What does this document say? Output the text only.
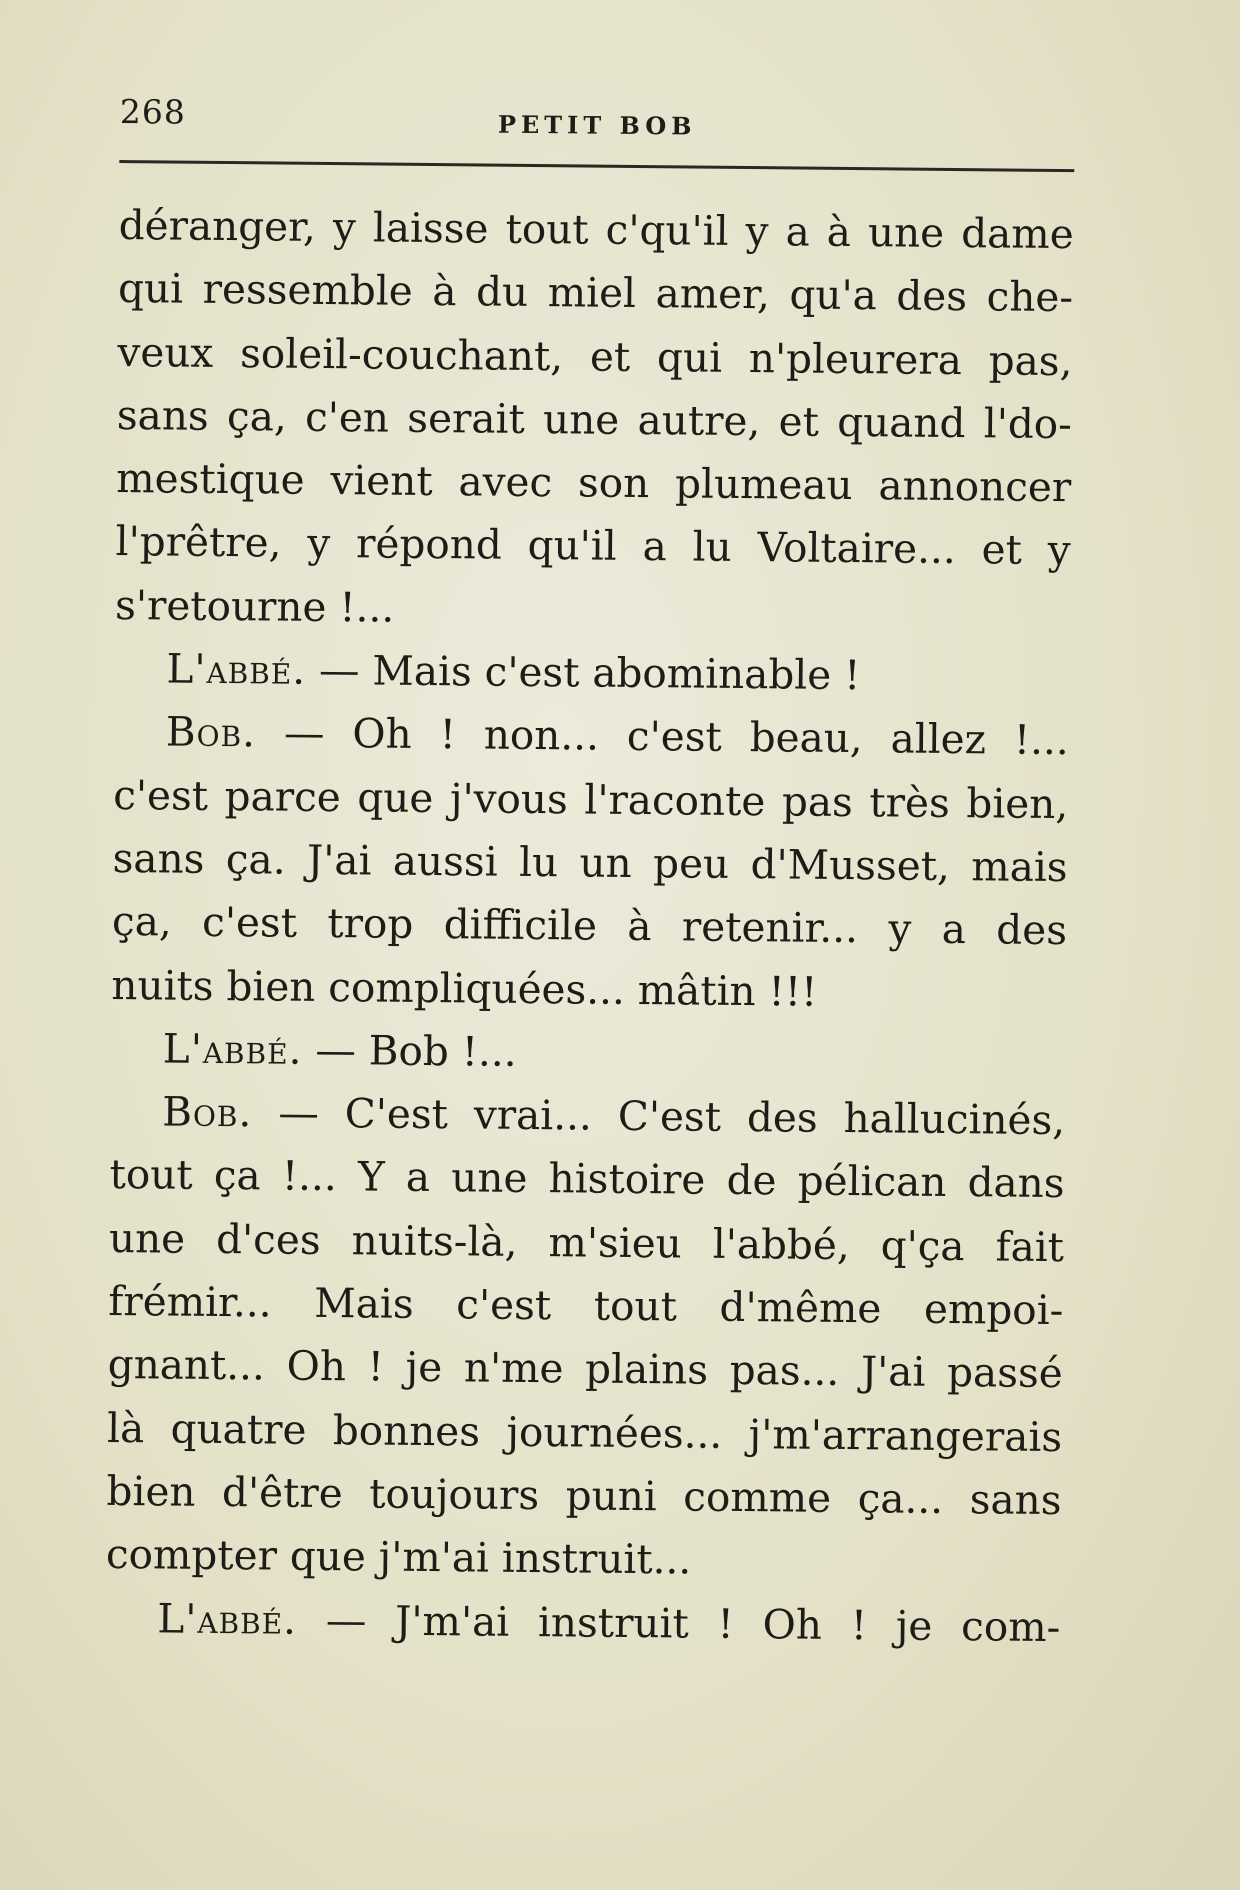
268	PETIT BOB

déranger, y laisse tout c'qu'il y a à une dame

qui ressemble à du miel amer, qu'a des che-

veux soleil-couchant, et qui n'pleurera pas,

sans ça, c'en serait une autre, et quand l'do-

mestique vient avec son plumeau annoncer

l'prêtre, y répond qu'il a lu Voltaire... et y

s'retourne !...

L'abbé. — Mais c'est abominable !

Bob. — Oh ! non... c'est beau, allez !...

c'est parce que j'vous l'raconte pas très bien,

sans ça. J'ai aussi lu un peu d'Musset, mais

ça, c'est trop difficile à retenir... y a des

nuits bien compliquées... mâtin !!!

L'abbé. — Bob !...

Bob. — C'est vrai... C'est des hallucinés,

tout ça !... Y a une histoire de pélican dans

une d'ces nuits-là, m'sieu l'abbé, q'ça fait

frémir... Mais c'est tout d'même empoi-

gnant... Oh ! je n'me plains pas... J'ai passé

là quatre bonnes journées... j'm'arrangerais

bien d'être toujours puni comme ça... sans

compter que j'm'ai instruit...

L'abbé. — J'm'ai instruit ! Oh ! je com-
